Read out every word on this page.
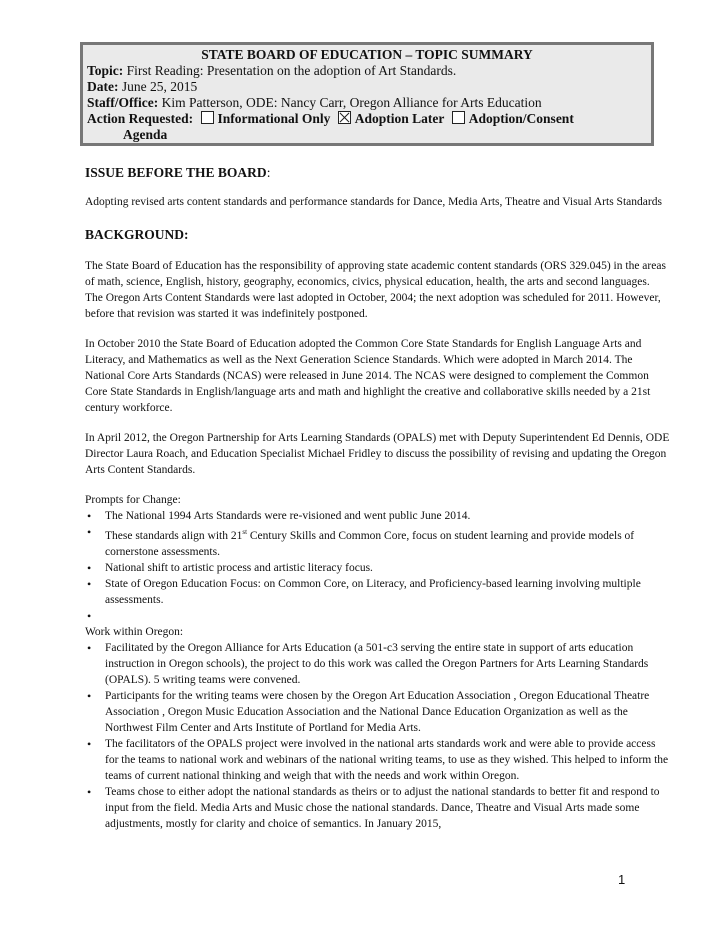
STATE BOARD OF EDUCATION – TOPIC SUMMARY
Topic: First Reading: Presentation on the adoption of Art Standards.
Date: June 25, 2015
Staff/Office: Kim Patterson, ODE: Nancy Carr, Oregon Alliance for Arts Education
Action Requested: Informational Only Adoption Later Adoption/Consent
Agenda
ISSUE BEFORE THE BOARD:

Adopting revised arts content standards and performance standards for Dance, Media Arts, Theatre and Visual Arts Standards

BACKGROUND:

The State Board of Education has the responsibility of approving state academic content standards (ORS 329.045) in the areas of math, science, English, history, geography, economics, civics, physical education, health, the arts and second languages. The Oregon Arts Content Standards were last adopted in October, 2004; the next adoption was scheduled for 2011. However, before that revision was started it was indefinitely postponed.

In October 2010 the State Board of Education adopted the Common Core State Standards for English Language Arts and Literacy, and Mathematics as well as the Next Generation Science Standards. Which were adopted in March 2014. The National Core Arts Standards (NCAS) were released in June 2014. The NCAS were designed to complement the Common Core State Standards in English/language arts and math and highlight the creative and collaborative skills needed by a 21st century workforce.

In April 2012, the Oregon Partnership for Arts Learning Standards (OPALS) met with Deputy Superintendent Ed Dennis, ODE Director Laura Roach, and Education Specialist Michael Fridley to discuss the possibility of revising and updating the Oregon Arts Content Standards.

Prompts for Change:

• The National 1994 Arts Standards were re-visioned and went public June 2014.
• These standards align with 21st Century Skills and Common Core, focus on student learning and provide models of cornerstone assessments.
• National shift to artistic process and artistic literacy focus.
• State of Oregon Education Focus: on Common Core, on Literacy, and Proficiency-based learning involving multiple assessments.
•

Work within Oregon:

• Facilitated by the Oregon Alliance for Arts Education (a 501-c3 serving the entire state in support of arts education instruction in Oregon schools), the project to do this work was called the Oregon Partners for Arts Learning Standards (OPALS). 5 writing teams were convened.
• Participants for the writing teams were chosen by the Oregon Art Education Association , Oregon Educational Theatre Association , Oregon Music Education Association and the National Dance Education Organization as well as the Northwest Film Center and Arts Institute of Portland for Media Arts.
• The facilitators of the OPALS project were involved in the national arts standards work and were able to provide access for the teams to national work and webinars of the national writing teams, to use as they wished. This helped to inform the teams of current national thinking and weigh that with the needs and work within Oregon.
• Teams chose to either adopt the national standards as theirs or to adjust the national standards to better fit and respond to input from the field. Media Arts and Music chose the national standards. Dance, Theatre and Visual Arts made some adjustments, mostly for clarity and choice of semantics. In January 2015,
1
